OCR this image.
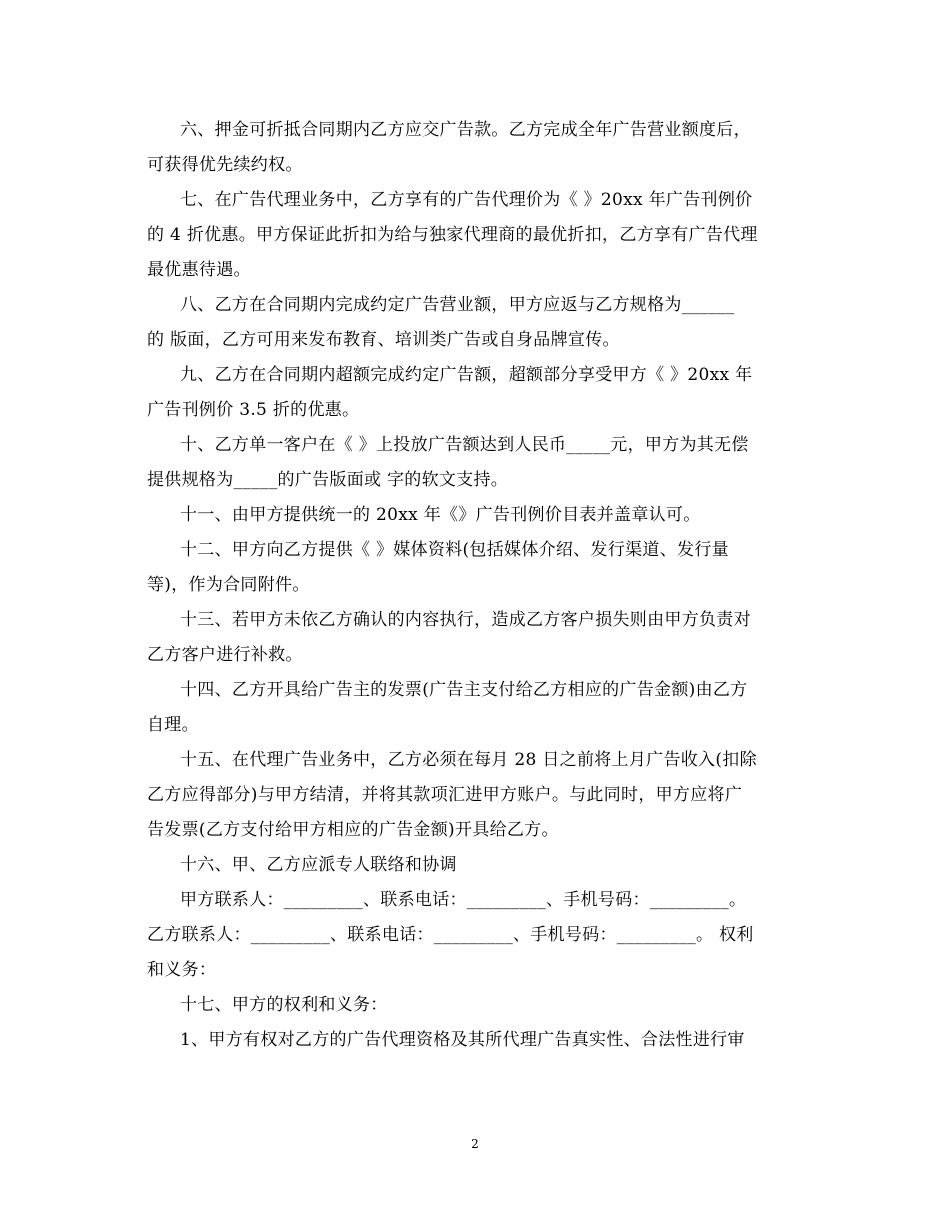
六、押金可折抵合同期内乙方应交广告款。乙方完成全年广告营业额度后，
可获得优先续约权。
七、在广告代理业务中，乙方享有的广告代理价为《 》20xx 年广告刊例价
的 4 折优惠。甲方保证此折扣为给与独家代理商的最优折扣，乙方享有广告代理
最优惠待遇。
八、乙方在合同期内完成约定广告营业额，甲方应返与乙方规格为______
的 版面，乙方可用来发布教育、培训类广告或自身品牌宣传。
九、乙方在合同期内超额完成约定广告额，超额部分享受甲方《 》20xx 年
广告刊例价 3.5 折的优惠。
十、乙方单一客户在《 》上投放广告额达到人民币_____元，甲方为其无偿
提供规格为_____的广告版面或 字的软文支持。
十一、由甲方提供统一的 20xx 年《》广告刊例价目表并盖章认可。
十二、甲方向乙方提供《 》媒体资料(包括媒体介绍、发行渠道、发行量
等)，作为合同附件。
十三、若甲方未依乙方确认的内容执行，造成乙方客户损失则由甲方负责对
乙方客户进行补救。
十四、乙方开具给广告主的发票(广告主支付给乙方相应的广告金额)由乙方
自理。
十五、在代理广告业务中，乙方必须在每月 28 日之前将上月广告收入(扣除
乙方应得部分)与甲方结清，并将其款项汇进甲方账户。与此同时，甲方应将广
告发票(乙方支付给甲方相应的广告金额)开具给乙方。
十六、甲、乙方应派专人联络和协调
甲方联系人：_________、联系电话：_________、手机号码：_________。
乙方联系人：_________、联系电话：_________、手机号码：_________。 权利
和义务：
十七、甲方的权利和义务：
1、甲方有权对乙方的广告代理资格及其所代理广告真实性、合法性进行审
2
